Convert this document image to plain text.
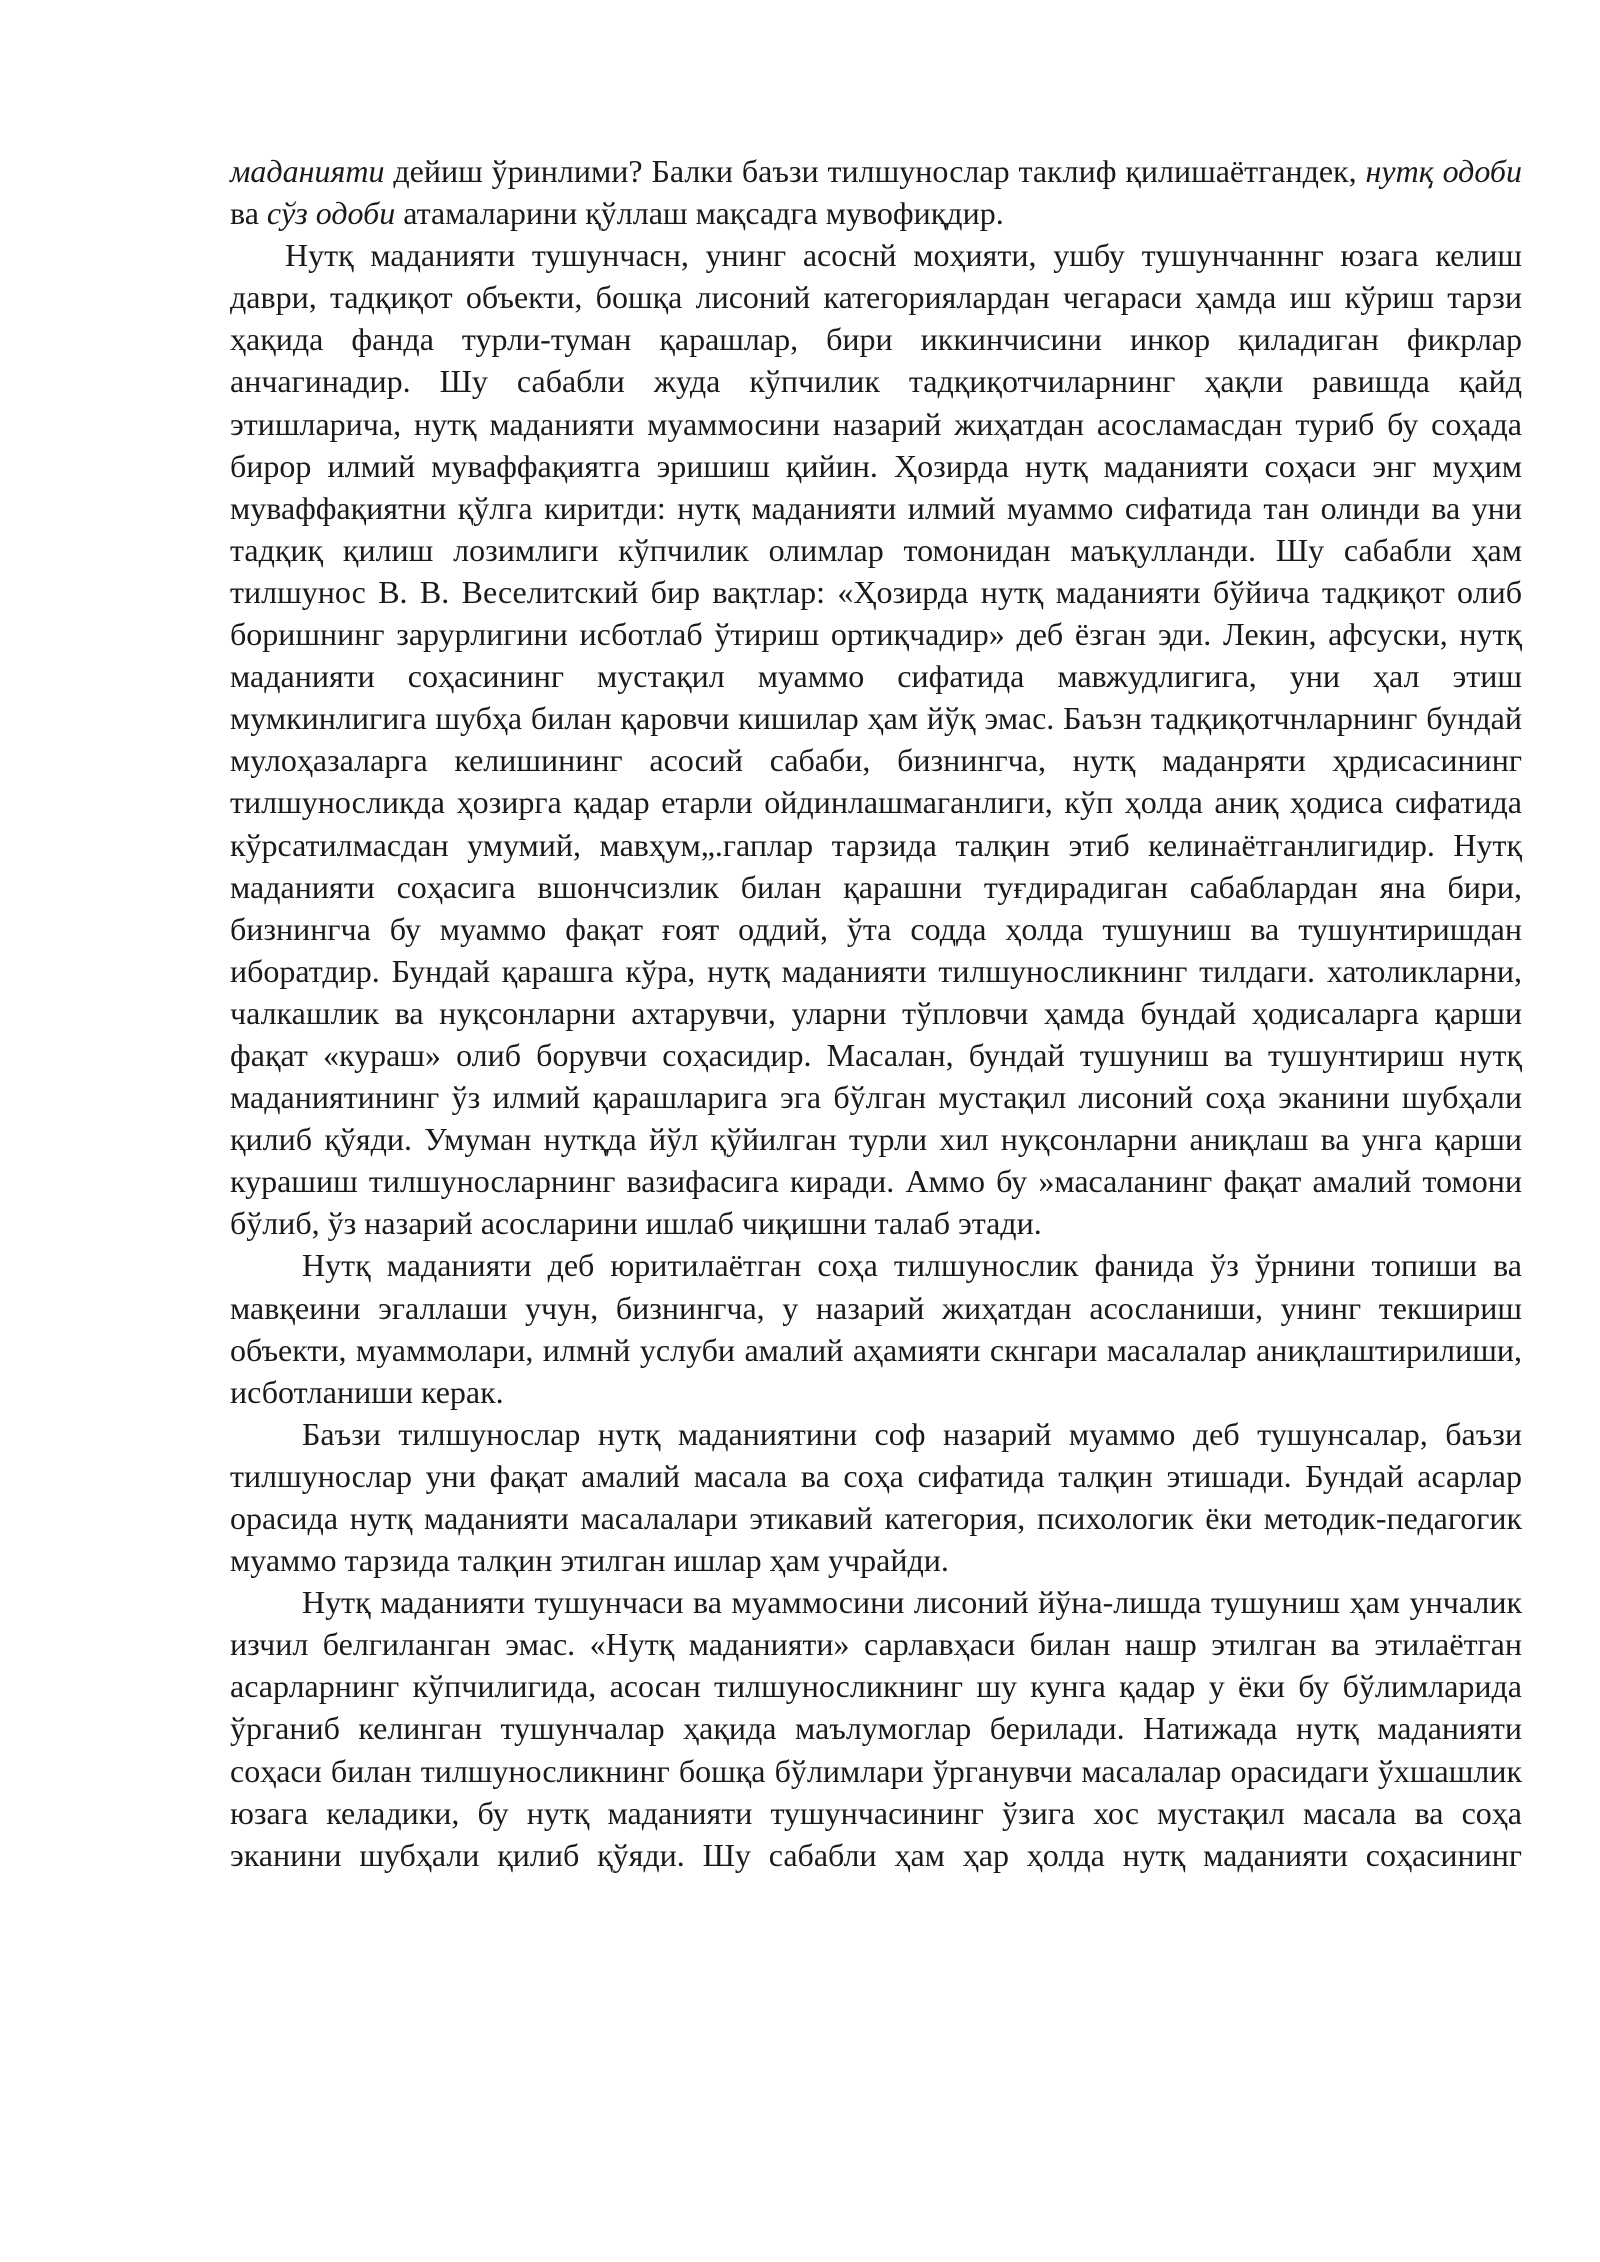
маданияти дейиш ўринлими? Балки баъзи тилшунослар таклиф қилишаётгандек, нутқ одоби ва сўз одоби атамаларини қўллаш мақсадга мувофиқдир.

Нутқ маданияти тушунчасн, унинг асоснй моҳияти, ушбу тушунчанннг юзага келиш даври, тадқиқот объекти, бошқа лисоний категориялардан чегараси ҳамда иш кўриш тарзи ҳақида фанда турли-туман қарашлар, бири иккинчисини инкор қиладиган фикрлар анчагинадир. Шу сабабли жуда кўпчилик тадқиқотчиларнинг ҳақли равишда қайд этишларича, нутқ маданияти муаммосини назарий жиҳатдан асосламасдан туриб бу соҳада бирор илмий муваффақиятга эришиш қийин. Ҳозирда нутқ маданияти соҳаси энг муҳим муваффақиятни қўлга киритди: нутқ маданияти илмий муаммо сифатида тан олинди ва уни тадқиқ қилиш лозимлиги кўпчилик олимлар томонидан маъқулланди. Шу сабабли ҳам тилшунос В. В. Веселитский бир вақтлар: «Ҳозирда нутқ маданияти бўйича тадқиқот олиб боришнинг зарурлигини исботлаб ўтириш ортиқчадир» деб ёзган эди. Лекин, афсуски, нутқ маданияти соҳасининг мустақил муаммо сифатида мавжудлигига, уни ҳал этиш мумкинлигига шубҳа билан қаровчи кишилар ҳам йўқ эмас. Баъзн тадқиқотчнларнинг бундай мулоҳазаларга келишининг асосий сабаби, бизнингча, нутқ маданряти ҳрдисасининг тилшуносликда ҳозирга қадар етарли ойдинлашмаганлиги, кўп ҳолда аниқ ҳодиса сифатида кўрсатилмасдан умумий, мавҳум„.гаплар тарзида талқин этиб келинаётганлигидир. Нутқ маданияти соҳасига вшончсизлик билан қарашни туғдирадиган сабаблардан яна бири, бизнингча бу муаммо фақат ғоят оддий, ўта содда ҳолда тушуниш ва тушунтиришдан иборатдир. Бундай қарашга кўра, нутқ маданияти тилшуносликнинг тилдаги. хатоликларни, чалкашлик ва нуқсонларни ахтарувчи, уларни тўпловчи ҳамда бундай ҳодисаларга қарши фақат «кураш» олиб борувчи соҳасидир. Масалан, бундай тушуниш ва тушунтириш нутқ маданиятининг ўз илмий қарашларига эга бўлган мустақил лисоний соҳа эканини шубҳали қилиб қўяди. Умуман нутқда йўл қўйилган турли хил нуқсонларни аниқлаш ва унга қарши курашиш тилшуносларнинг вазифасига киради. Аммо бу »масаланинг фақат амалий томони бўлиб, ўз назарий асосларини ишлаб чиқишни талаб этади.

Нутқ маданияти деб юритилаётган соҳа тилшунослик фанида ўз ўрнини топиши ва мавқеини эгаллаши учун, бизнингча, у назарий жиҳатдан асосланиши, унинг текшириш объекти, муаммолари, илмнй услуби амалий аҳамияти скнгари масалалар аниқлаштирилиши, исботланиши керак.

Баъзи тилшунослар нутқ маданиятини соф назарий муаммо деб тушунсалар, баъзи тилшунослар уни фақат амалий масала ва соҳа сифатида талқин этишади. Бундай асарлар орасида нутқ маданияти масалалари этикавий категория, психологик ёки методик-педагогик муаммо тарзида талқин этилган ишлар ҳам учрайди.

Нутқ маданияти тушунчаси ва муаммосини лисоний йўна-лишда тушуниш ҳам унчалик изчил белгиланган эмас. «Нутқ маданияти» сарлавҳаси билан нашр этилган ва этилаётган асарларнинг кўпчилигида, асосан тилшуносликнинг шу кунга қадар у ёки бу бўлимларида ўрганиб келинган тушунчалар ҳақида маълумоглар берилади. Натижада нутқ маданияти соҳаси билан тилшуносликнинг бошқа бўлимлари ўрганувчи масалалар орасидаги ўхшашлик юзага келадики, бу нутқ маданияти тушунчасининг ўзига хос мустақил масала ва соҳа эканини шубҳали қилиб қўяди. Шу сабабли ҳам ҳар ҳолда нутқ маданияти соҳасининг
